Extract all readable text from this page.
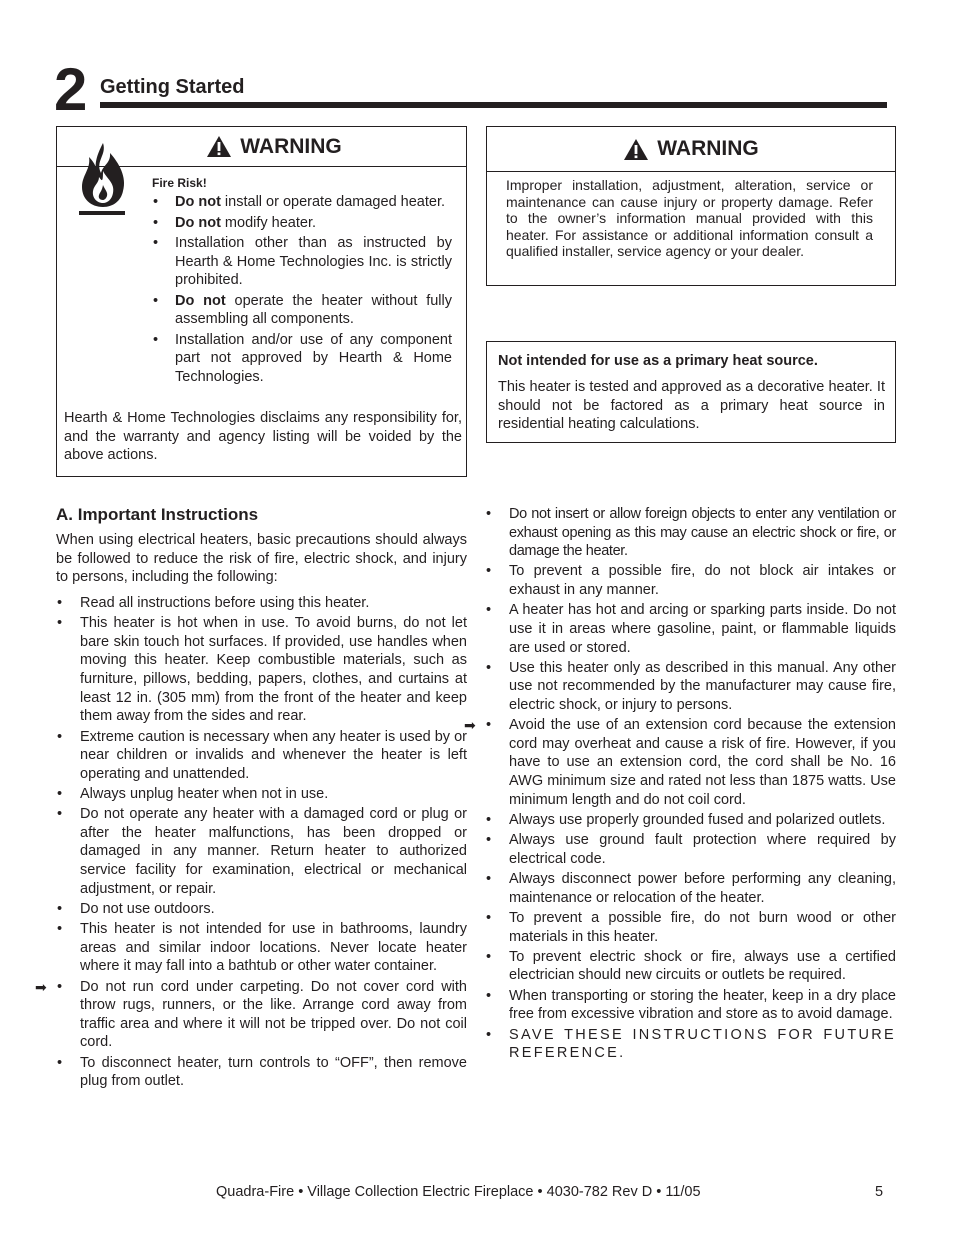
2 Getting Started
WARNING
Fire Risk!
• Do not install or operate damaged heater.
• Do not modify heater.
• Installation other than as instructed by Hearth & Home Technologies Inc. is strictly prohibited.
• Do not operate the heater without fully assembling all components.
• Installation and/or use of any component part not approved by Hearth & Home Technologies.
Hearth & Home Technologies disclaims any responsibility for, and the warranty and agency listing will be voided by the above actions.
WARNING
Improper installation, adjustment, alteration, service or maintenance can cause injury or property damage. Refer to the owner’s information manual provided with this heater. For assistance or additional information consult a qualified installer, service agency or your dealer.
Not intended for use as a primary heat source.
This heater is tested and approved as a decorative heater. It should not be factored as a primary heat source in residential heating calculations.
A. Important Instructions
When using electrical heaters, basic precautions should always be followed to reduce the risk of fire, electric shock, and injury to persons, including the following:
• Read all instructions before using this heater.
• This heater is hot when in use. To avoid burns, do not let bare skin touch hot surfaces. If provided, use handles when moving this heater. Keep combustible materials, such as furniture, pillows, bedding, papers, clothes, and curtains at least 12 in. (305 mm) from the front of the heater and keep them away from the sides and rear.
• Extreme caution is necessary when any heater is used by or near children or invalids and whenever the heater is left operating and unattended.
• Always unplug heater when not in use.
• Do not operate any heater with a damaged cord or plug or after the heater malfunctions, has been dropped or damaged in any manner. Return heater to authorized service facility for examination, electrical or mechanical adjustment, or repair.
• Do not use outdoors.
• This heater is not intended for use in bathrooms, laundry areas and similar indoor locations. Never locate heater where it may fall into a bathtub or other water container.
➡ • Do not run cord under carpeting. Do not cover cord with throw rugs, runners, or the like. Arrange cord away from traffic area and where it will not be tripped over. Do not coil cord.
• To disconnect heater, turn controls to “OFF”, then remove plug from outlet.
• Do not insert or allow foreign objects to enter any ventilation or exhaust opening as this may cause an electric shock or fire, or damage the heater.
• To prevent a possible fire, do not block air intakes or exhaust in any manner.
• A heater has hot and arcing or sparking parts inside. Do not use it in areas where gasoline, paint, or flammable liquids are used or stored.
• Use this heater only as described in this manual. Any other use not recommended by the manufacturer may cause fire, electric shock, or injury to persons.
➡ • Avoid the use of an extension cord because the extension cord may overheat and cause a risk of fire. However, if you have to use an extension cord, the cord shall be No. 16 AWG minimum size and rated not less than 1875 watts. Use minimum length and do not coil cord.
• Always use properly grounded fused and polarized outlets.
• Always use ground fault protection where required by electrical code.
• Always disconnect power before performing any cleaning, maintenance or relocation of the heater.
• To prevent a possible fire, do not burn wood or other materials in this heater.
• To prevent electric shock or fire, always use a certified electrician should new circuits or outlets be required.
• When transporting or storing the heater, keep in a dry place free from excessive vibration and store as to avoid damage.
• SAVE THESE INSTRUCTIONS FOR FUTURE REFERENCE.
Quadra-Fire • Village Collection Electric Fireplace • 4030-782 Rev D • 11/05	5
